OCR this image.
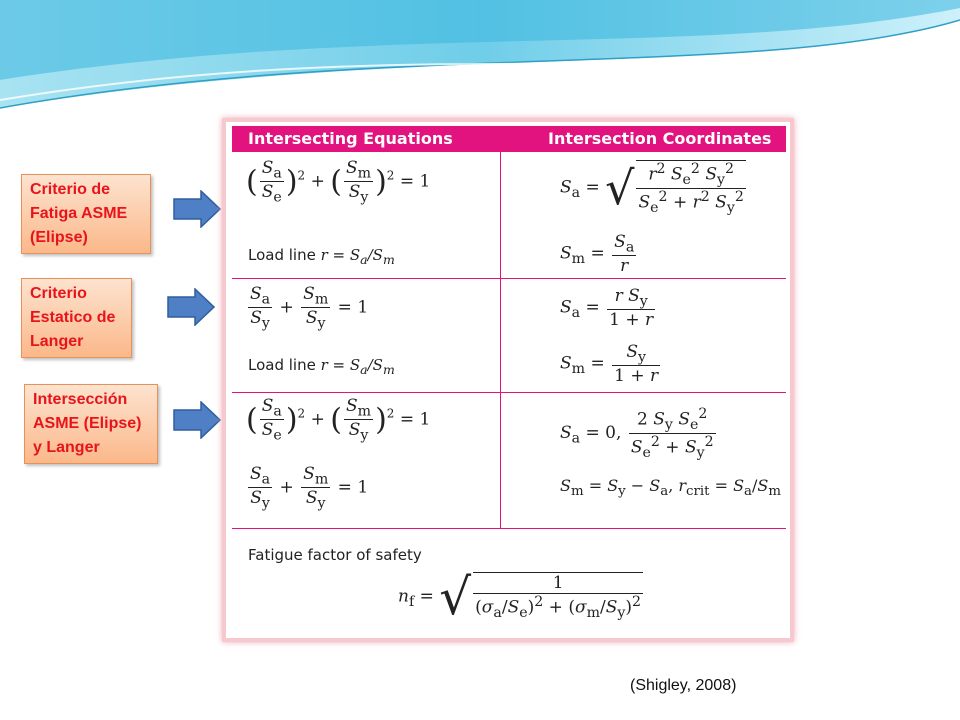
Criterio de Fatiga ASME (Elipse)
Criterio Estatico de Langer
Intersección ASME (Elipse) y Langer
Intersecting Equations	Intersection Coordinates
( $\frac{S_a}{S_e} )^2$ + ( $\frac{S_m}{S_y} )^2 = 1$
Load line $r = S_a/S_m$
$S_a$ = √ $\frac{r^2 S_e^2 S_y^2}{S_e^2 + r^2 S_y^2}$
$S_m = \frac{S_a}{r}$
$\frac{S_a}{S_y} + \frac{S_m}{S_y} = 1$
Load line $r = S_a/S_m$
$S_a = \frac{r S_y}{1 + r}$
$S_m = \frac{S_y}{1 + r}$
( $\frac{S_a}{S_e} )^2$ + ( $\frac{S_m}{S_y} )^2 = 1$
$\frac{S_a}{S_y} + \frac{S_m}{S_y} = 1$
$S_a = 0$, $\frac{2 S_y S_e^2}{S_e^2 + S_y^2}$
$S_m = S_y - S_a$, $r_{crit} = S_a/S_m$
Fatigue factor of safety
$n_f$ = √ $\frac{1}{(\sigma_a/S_e)^2 + (\sigma_m/S_y)^2}$
(Shigley, 2008)
